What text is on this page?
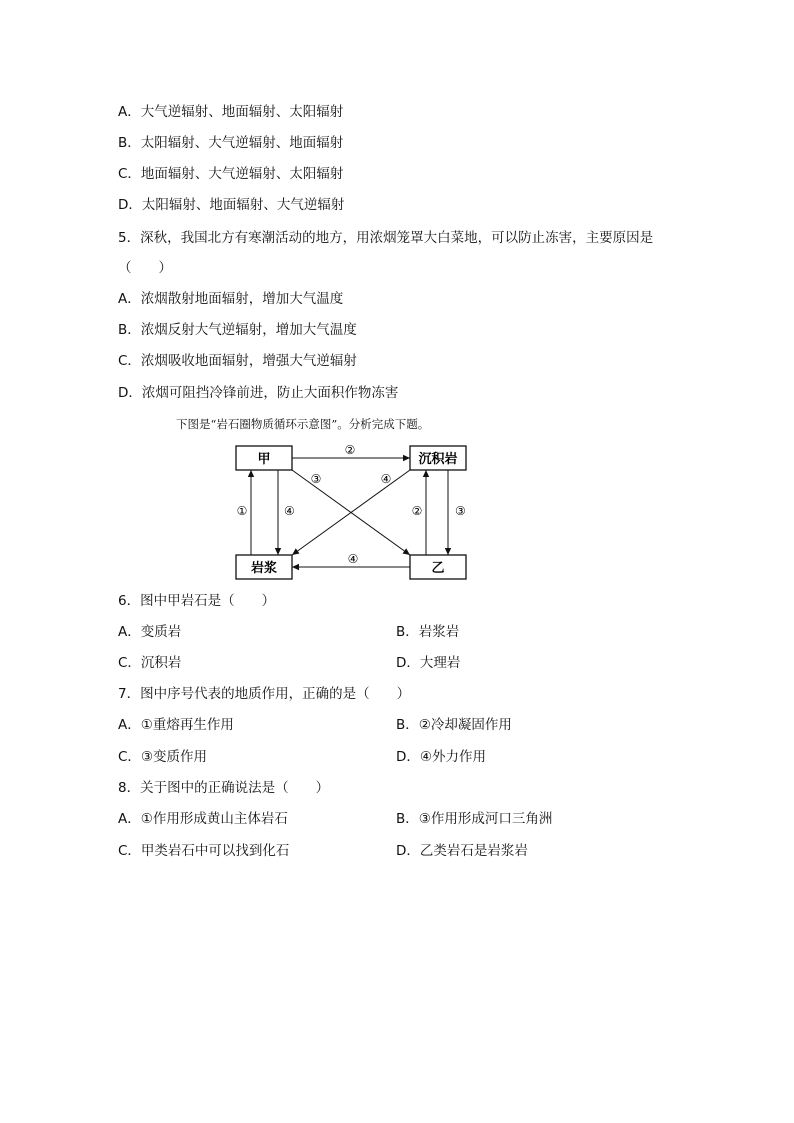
A．大气逆辐射、地面辐射、太阳辐射
B．太阳辐射、大气逆辐射、地面辐射
C．地面辐射、大气逆辐射、太阳辐射
D．太阳辐射、地面辐射、大气逆辐射
5．深秋，我国北方有寒潮活动的地方，用浓烟笼罩大白菜地，可以防止冻害，主要原因是
（　　）
A．浓烟散射地面辐射，增加大气温度
B．浓烟反射大气逆辐射，增加大气温度
C．浓烟吸收地面辐射，增强大气逆辐射
D．浓烟可阻挡冷锋前进，防止大面积作物冻害
下图是“岩石圈物质循环示意图”。分析完成下题。
甲	沉积岩
岩浆	乙
②
③	④
①	④	②	③
④
6．图中甲岩石是（　　）
A．变质岩	B．岩浆岩
C．沉积岩	D．大理岩
7．图中序号代表的地质作用，正确的是（　　）
A．①重熔再生作用	B．②冷却凝固作用
C．③变质作用	D．④外力作用
8．关于图中的正确说法是（　　）
A．①作用形成黄山主体岩石	B．③作用形成河口三角洲
C．甲类岩石中可以找到化石	D．乙类岩石是岩浆岩
